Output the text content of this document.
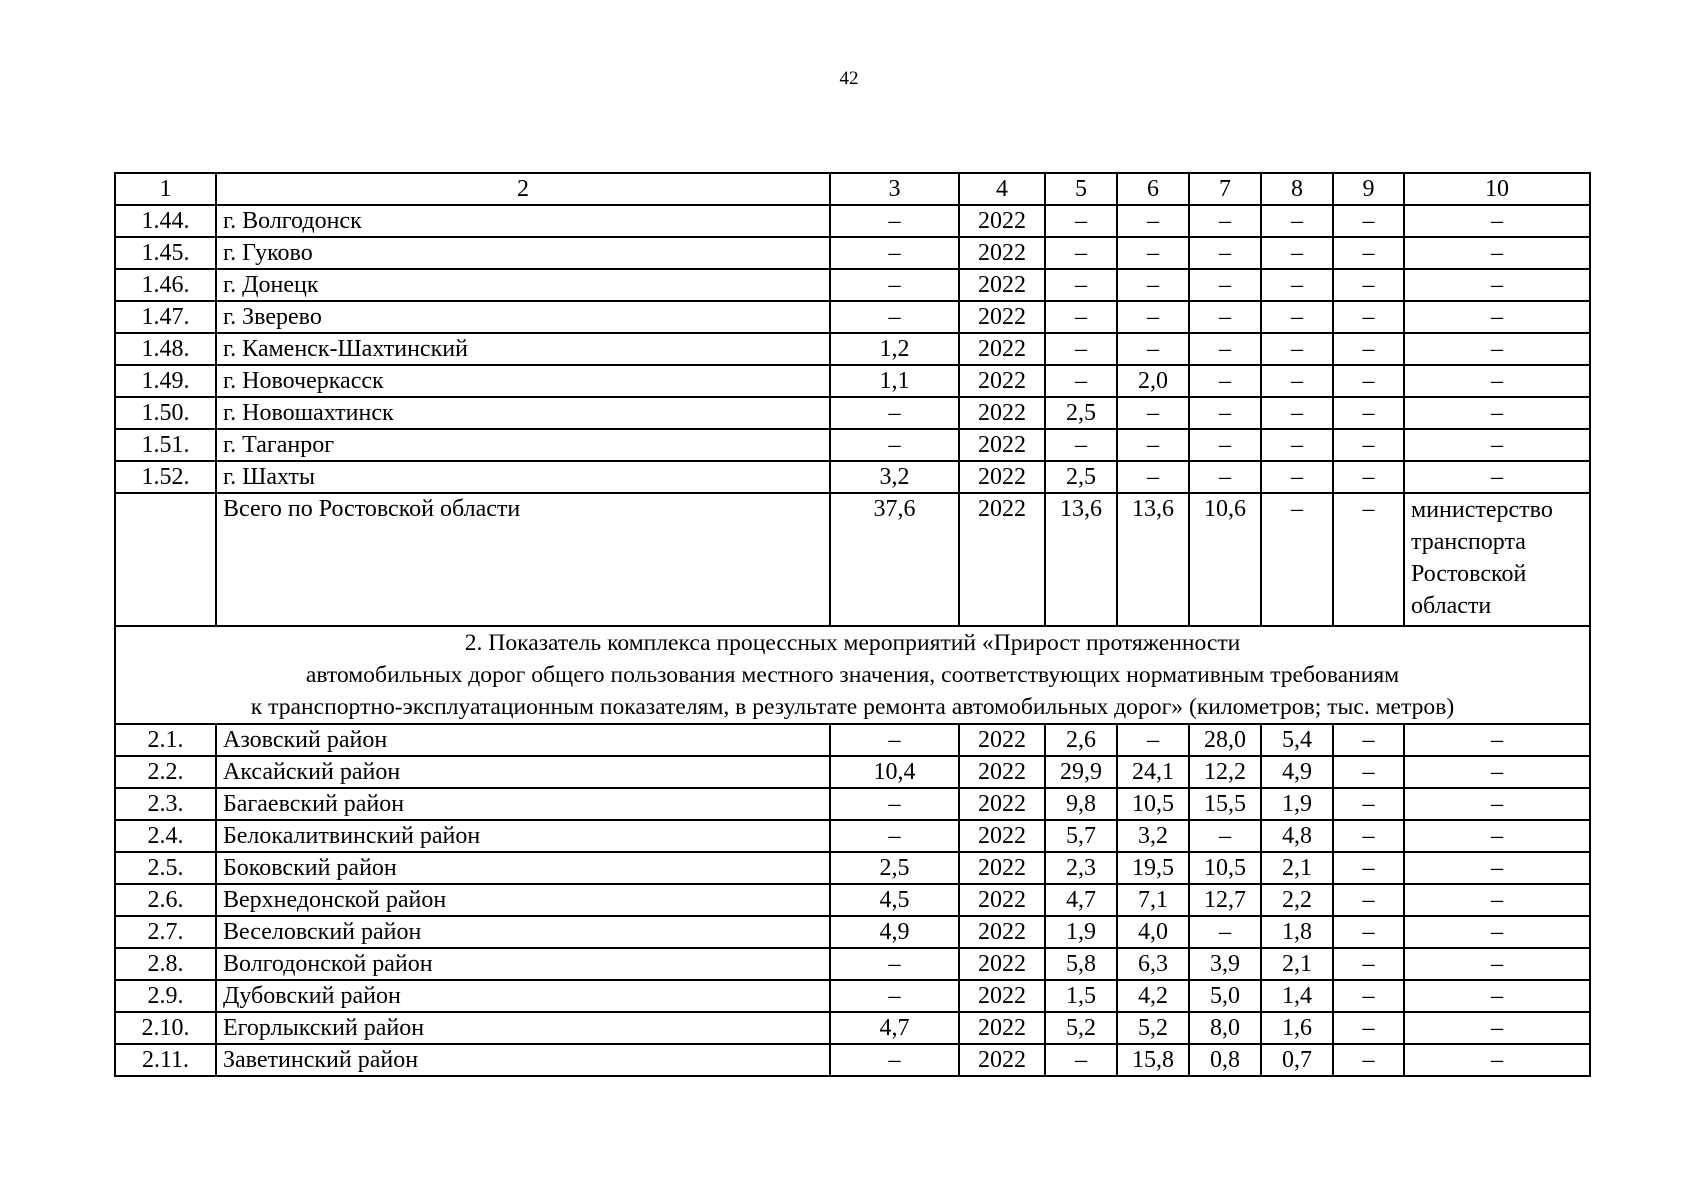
42
1	2	3	4	5	6	7	8	9	10
1.44.	г. Волгодонск	–	2022	–	–	–	–	–	–
1.45.	г. Гуково	–	2022	–	–	–	–	–	–
1.46.	г. Донецк	–	2022	–	–	–	–	–	–
1.47.	г. Зверево	–	2022	–	–	–	–	–	–
1.48.	г. Каменск-Шахтинский	1,2	2022	–	–	–	–	–	–
1.49.	г. Новочеркасск	1,1	2022	–	2,0	–	–	–	–
1.50.	г. Новошахтинск	–	2022	2,5	–	–	–	–	–
1.51.	г. Таганрог	–	2022	–	–	–	–	–	–
1.52.	г. Шахты	3,2	2022	2,5	–	–	–	–	–
	Всего по Ростовской области	37,6	2022	13,6	13,6	10,6	–	–	министерство транспорта Ростовской области

2. Показатель комплекса процессных мероприятий «Прирост протяженности
автомобильных дорог общего пользования местного значения, соответствующих нормативным требованиям
к транспортно-эксплуатационным показателям, в результате ремонта автомобильных дорог» (километров; тыс. метров)									

2.1.	Азовский район	–	2022	2,6	–	28,0	5,4	–	–
2.2.	Аксайский район	10,4	2022	29,9	24,1	12,2	4,9	–	–
2.3.	Багаевский район	–	2022	9,8	10,5	15,5	1,9	–	–
2.4.	Белокалитвинский район	–	2022	5,7	3,2	–	4,8	–	–
2.5.	Боковский район	2,5	2022	2,3	19,5	10,5	2,1	–	–
2.6.	Верхнедонской район	4,5	2022	4,7	7,1	12,7	2,2	–	–
2.7.	Веселовский район	4,9	2022	1,9	4,0	–	1,8	–	–
2.8.	Волгодонской район	–	2022	5,8	6,3	3,9	2,1	–	–
2.9.	Дубовский район	–	2022	1,5	4,2	5,0	1,4	–	–
2.10.	Егорлыкский район	4,7	2022	5,2	5,2	8,0	1,6	–	–
2.11.	Заветинский район	–	2022	–	15,8	0,8	0,7	–	–
